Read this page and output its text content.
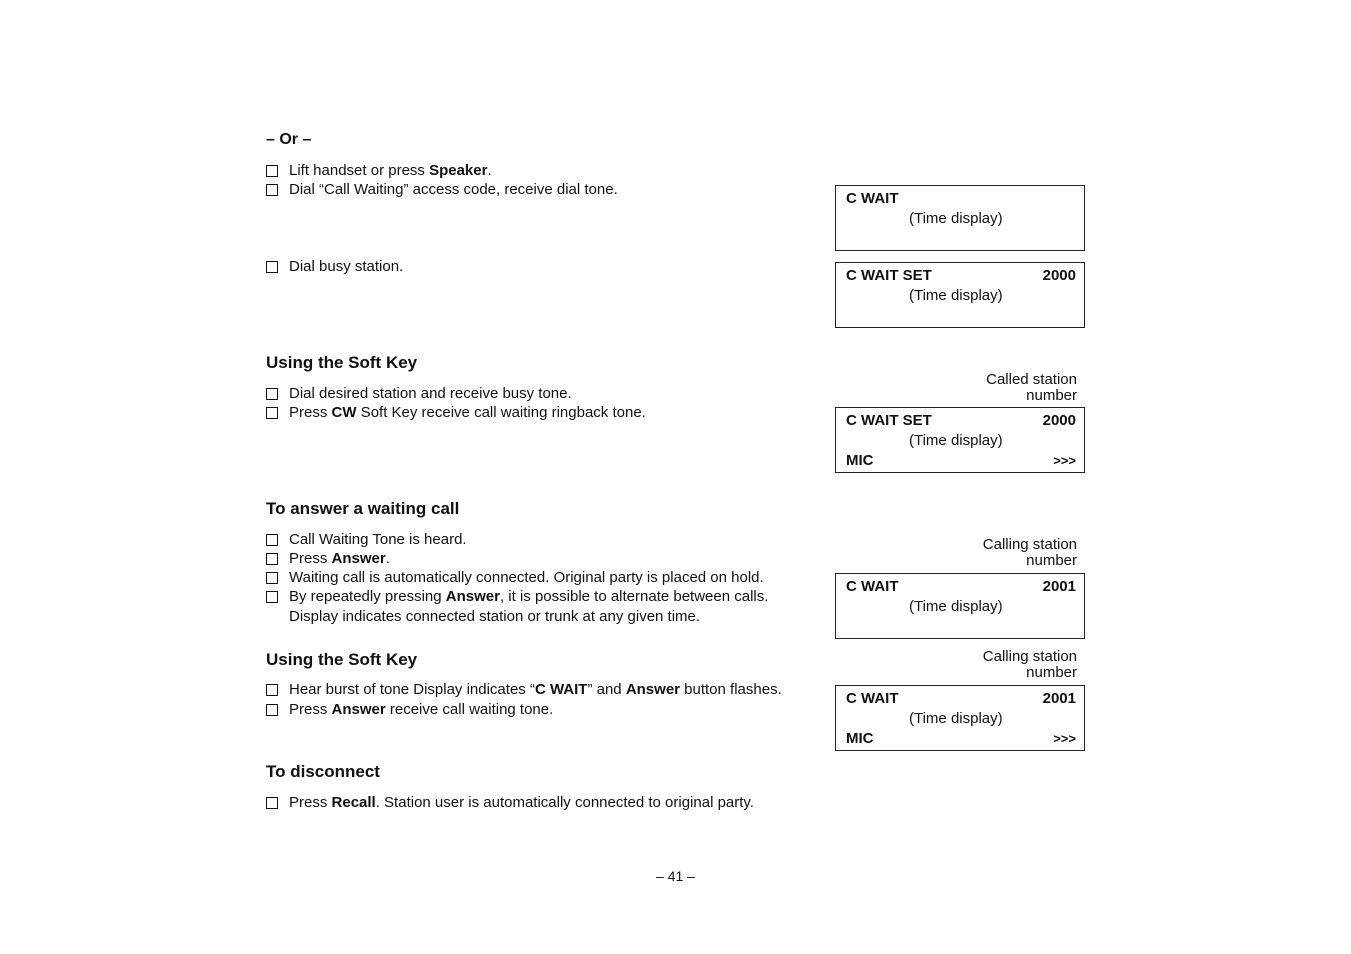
– Or –
Lift handset or press Speaker.
Dial “Call Waiting” access code, receive dial tone.
Dial busy station.
Using the Soft Key
Dial desired station and receive busy tone.
Press CW Soft Key receive call waiting ringback tone.
To answer a waiting call
Call Waiting Tone is heard.
Press Answer.
Waiting call is automatically connected. Original party is placed on hold.
By repeatedly pressing Answer, it is possible to alternate between calls.
Display indicates connected station or trunk at any given time.
Using the Soft Key
Hear burst of tone Display indicates “C WAIT” and Answer button flashes.
Press Answer receive call waiting tone.
To disconnect
Press Recall. Station user is automatically connected to original party.
C WAIT
(Time display)
C WAIT SET	2000
(Time display)
Called station
number
C WAIT SET	2000
(Time display)
MIC	>>>
Calling station
number
C WAIT	2001
(Time display)
Calling station
number
C WAIT	2001
(Time display)
MIC	>>>
– 41 –
